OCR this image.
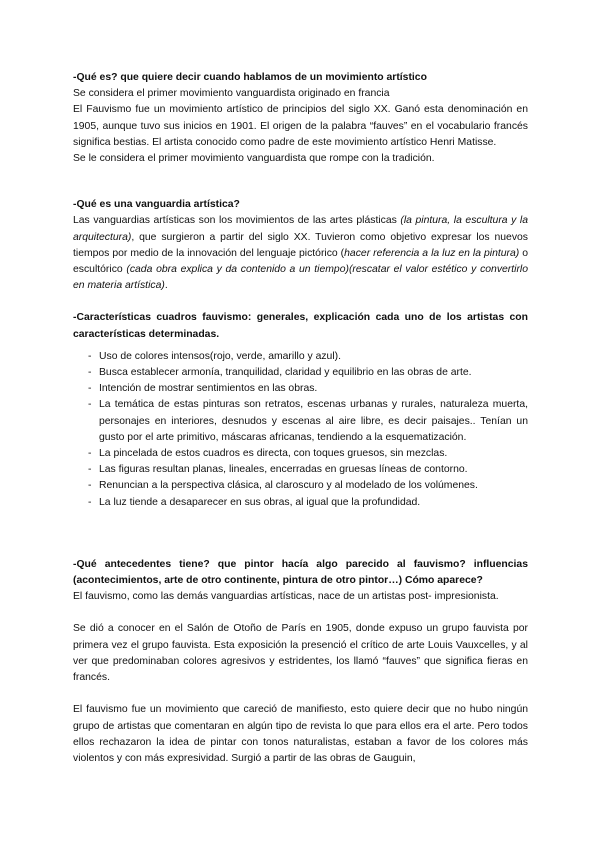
-Qué es? que quiere decir cuando hablamos de un movimiento artístico

Se considera el primer movimiento vanguardista originado en francia

El Fauvismo fue un movimiento artístico de principios del siglo XX. Ganó esta denominación en 1905, aunque tuvo sus inicios en 1901. El origen de la palabra “fauves” en el vocabulario francés significa bestias. El artista conocido como padre de este movimiento artístico Henri Matisse.

Se le considera el primer movimiento vanguardista que rompe con la tradición.

-Qué es una vanguardia artística?

Las vanguardias artísticas son los movimientos de las artes plásticas (la pintura, la escultura y la arquitectura), que surgieron a partir del siglo XX. Tuvieron como objetivo expresar los nuevos tiempos por medio de la innovación del lenguaje pictórico (hacer referencia a la luz en la pintura) o escultórico (cada obra explica y da contenido a un tiempo)(rescatar el valor estético y convertirlo en materia artística).

-Características cuadros fauvismo: generales, explicación cada uno de los artistas con características determinadas.

- Uso de colores intensos(rojo, verde, amarillo y azul).
- Busca establecer armonía, tranquilidad, claridad y equilibrio en las obras de arte.
- Intención de mostrar sentimientos en las obras.
- La temática de estas pinturas son retratos, escenas urbanas y rurales, naturaleza muerta, personajes en interiores, desnudos y escenas al aire libre, es decir paisajes.. Tenían un gusto por el arte primitivo, máscaras africanas, tendiendo a la esquematización.
- La pincelada de estos cuadros es directa, con toques gruesos, sin mezclas.
- Las figuras resultan planas, lineales, encerradas en gruesas líneas de contorno.
- Renuncian a la perspectiva clásica, al claroscuro y al modelado de los volúmenes.
- La luz tiende a desaparecer en sus obras, al igual que la profundidad.

-Qué antecedentes tiene? que pintor hacía algo parecido al fauvismo? influencias (acontecimientos, arte de otro continente, pintura de otro pintor…) Cómo aparece?

El fauvismo, como las demás vanguardias artísticas, nace de un artistas post- impresionista.

Se dió a conocer en el Salón de Otoño de París en 1905, donde expuso un grupo fauvista por primera vez el grupo fauvista. Esta exposición la presenció el crítico de arte Louis Vauxcelles, y al ver que predominaban colores agresivos y estridentes, los llamó “fauves” que significa fieras en francés.

El fauvismo fue un movimiento que careció de manifiesto, esto quiere decir que no hubo ningún grupo de artistas que comentaran en algún tipo de revista lo que para ellos era el arte. Pero todos ellos rechazaron la idea de pintar con tonos naturalistas, estaban a favor de los colores más violentos y con más expresividad. Surgió a partir de las obras de Gauguin,
